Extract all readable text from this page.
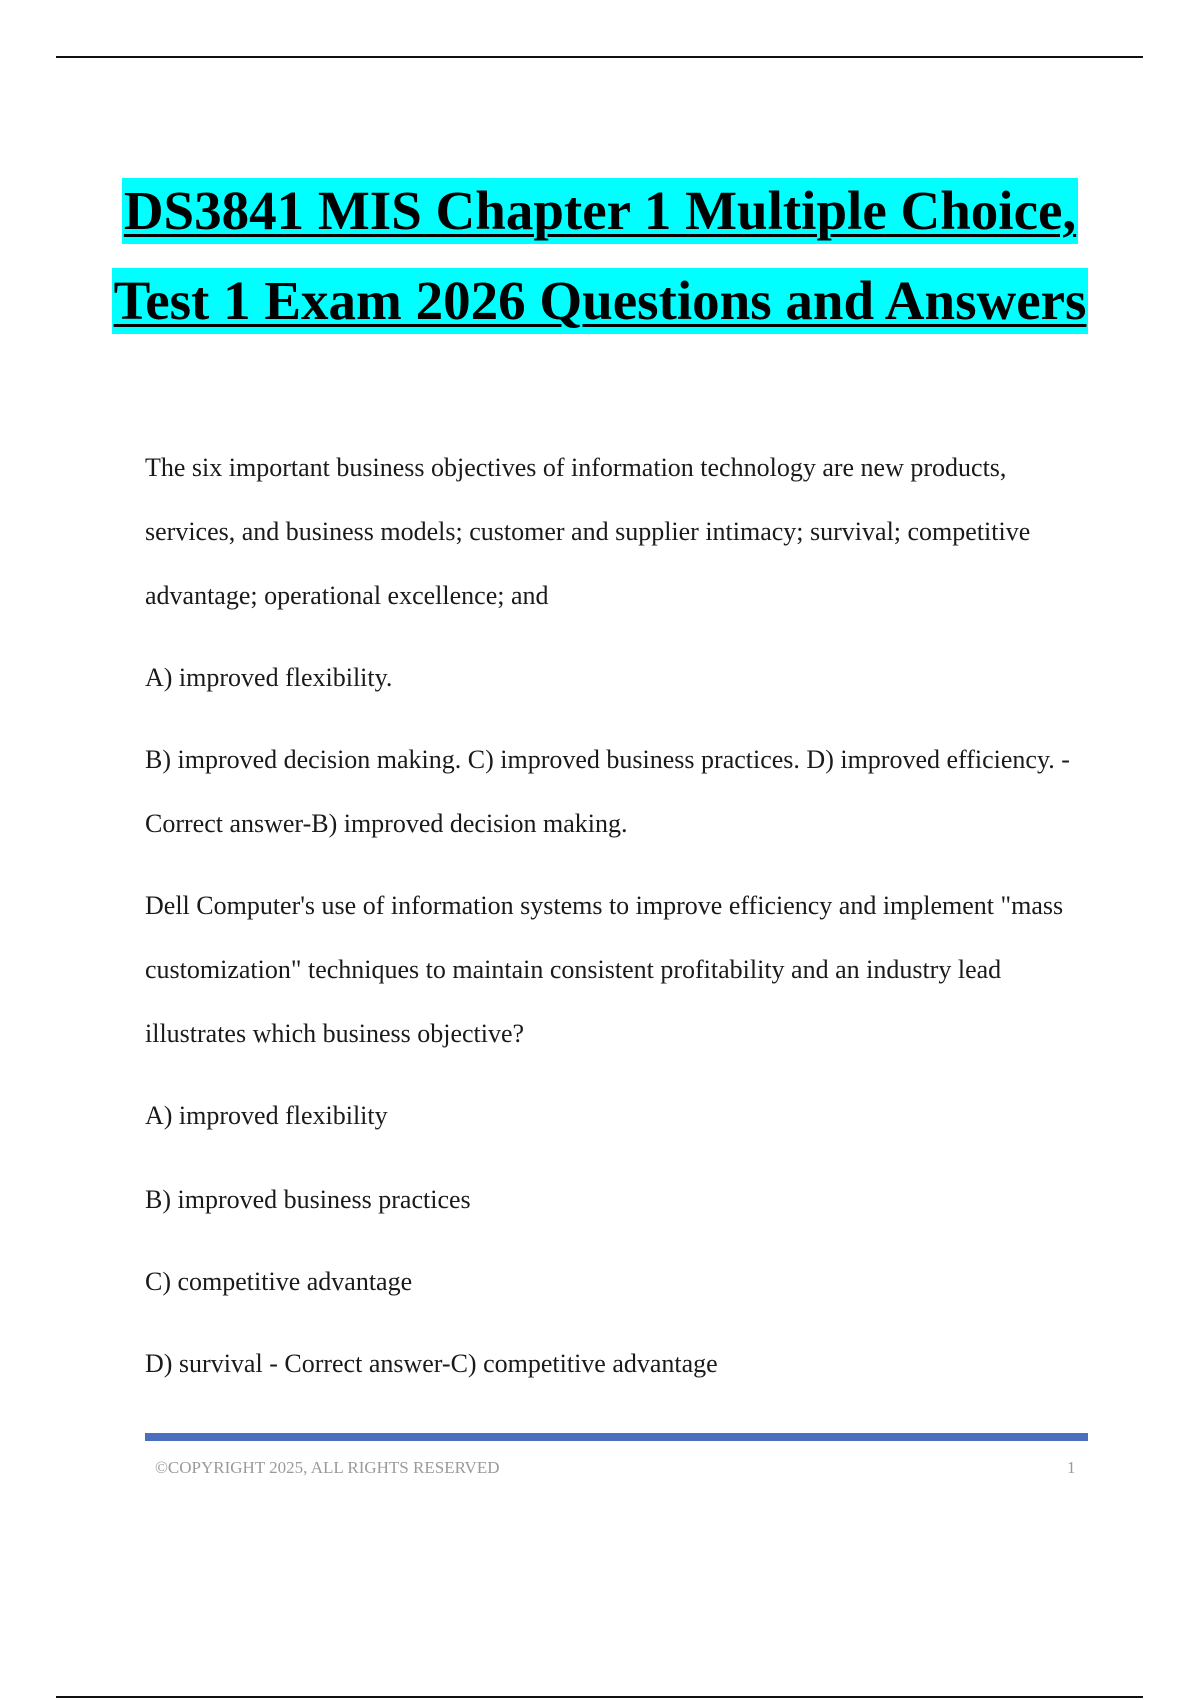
DS3841 MIS Chapter 1 Multiple Choice,
Test 1 Exam 2026 Questions and Answers

The six important business objectives of information technology are new products, services, and business models; customer and supplier intimacy; survival; competitive advantage; operational excellence; and

A) improved flexibility.

B) improved decision making. C) improved business practices. D) improved efficiency. - Correct answer-B) improved decision making.

Dell Computer's use of information systems to improve efficiency and implement "mass customization" techniques to maintain consistent profitability and an industry lead illustrates which business objective?

A) improved flexibility

B) improved business practices

C) competitive advantage

D) survival - Correct answer-C) competitive advantage

©COPYRIGHT 2025, ALL RIGHTS RESERVED	1
